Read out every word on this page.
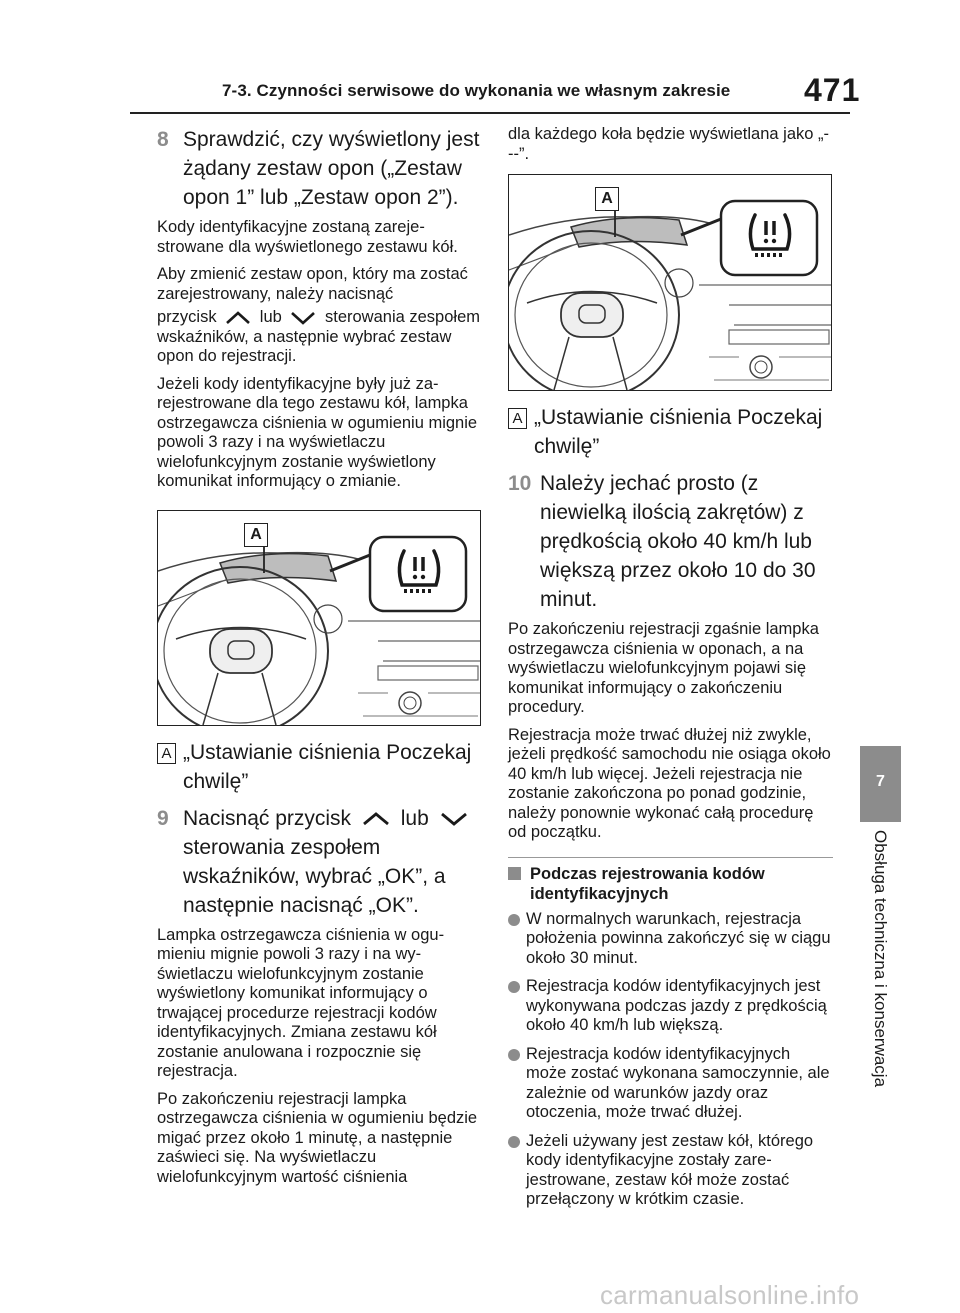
7-3. Czynności serwisowe do wykonania we własnym zakresie 471
8 Sprawdzić, czy wyświetlony jest żądany zestaw opon („Zestaw opon 1” lub „Zestaw opon 2”).

Kody identyfikacyjne zostaną zarejestrowane dla wyświetlonego zestawu kół.

Aby zmienić zestaw opon, który ma zostać zarejestrowany, należy nacisnąć

przycisk	lub	sterowania zespołem wskaźników, a następnie wybrać zestaw opon do rejestracji.

Jeżeli kody identyfikacyjne były już zarejestrowane dla tego zestawu kół, lampka ostrzegawcza ciśnienia w ogumieniu mignie powoli 3 razy i na wyświetlaczu wielofunkcyjnym zostanie wyświetlony komunikat informujący o zmianie.

A
A „Ustawianie ciśnienia Poczekaj chwilę”
9 Nacisnąć przycisk lub  sterowania zespołem wskaźników, wybrać „OK”, a następnie nacisnąć „OK”.

Lampka ostrzegawcza ciśnienia w ogumieniu mignie powoli 3 razy i na wyświetlaczu wielofunkcyjnym zostanie wyświetlony komunikat informujący o trwającej procedurze rejestracji kodów identyfikacyjnych. Zmiana zestawu kół zostanie anulowana i rozpocznie się rejestracja.

Po zakończeniu rejestracji lampka ostrzegawcza ciśnienia w ogumieniu będzie migać przez około 1 minutę, a następnie zaświeci się. Na wyświetlaczu wielofunkcyjnym wartość ciśnienia

dla każdego koła będzie wyświetlana jako „---”.

A
A „Ustawianie ciśnienia Poczekaj chwilę”
10 Należy jechać prosto (z niewielką ilością zakrętów) z prędkością około 40 km/h lub większą przez około 10 do 30 minut.

Po zakończeniu rejestracji zgaśnie lampka ostrzegawcza ciśnienia w oponach, a na wyświetlaczu wielofunkcyjnym pojawi się komunikat informujący o zakończeniu procedury.

Rejestracja może trwać dłużej niż zwykle, jeżeli prędkość samochodu nie osiąga około 40 km/h lub więcej. Jeżeli rejestracja nie zostanie zakończona po ponad godzinie, należy ponownie wykonać całą procedurę od początku.

Podczas rejestrowania kodów identyfikacyjnych
W normalnych warunkach, rejestracja położenia powinna zakończyć się w ciągu około 30 minut.
Rejestracja kodów identyfikacyjnych jest wykonywana podczas jazdy z prędkością około 40 km/h lub większą.
Rejestracja kodów identyfikacyjnych może zostać wykonana samoczynnie, ale zależnie od warunków jazdy oraz otoczenia, może trwać dłużej.
Jeżeli używany jest zestaw kół, którego kody identyfikacyjne zostały zarejestrowane, zestaw kół może zostać przełączony w krótkim czasie.
7
Obsługa techniczna i konserwacja
carmanualsonline.info
